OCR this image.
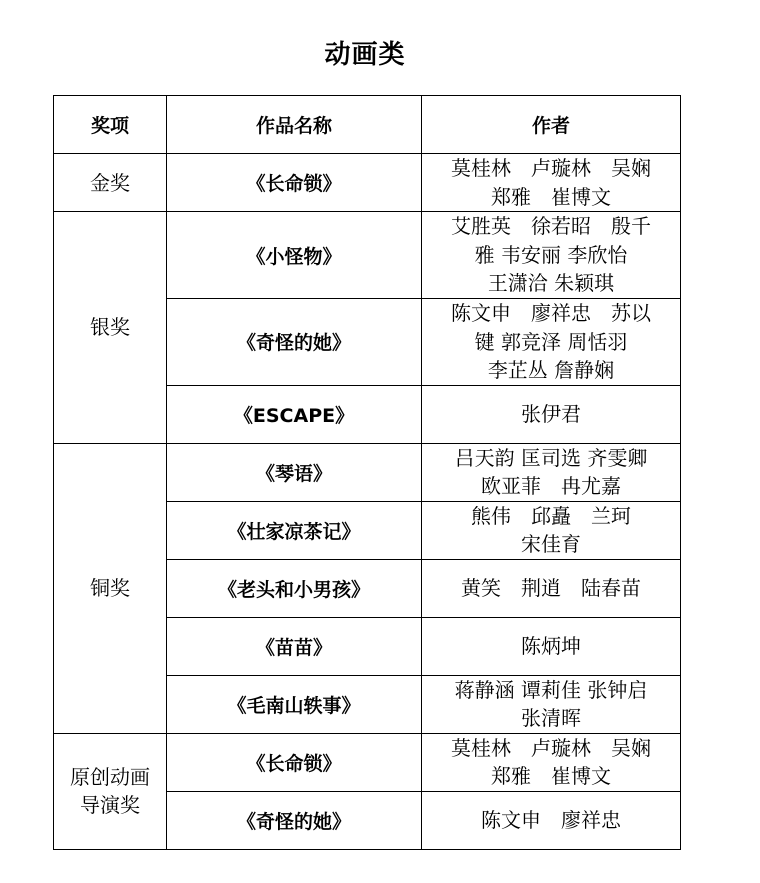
动画类
奖项	作品名称	作者
金奖	《长命锁》	莫桂林　卢璇林　吴娴
郑雅　崔博文
银奖	《小怪物》	艾胜英　徐若昭　殷千
雅 韦安丽 李欣怡
王潇洽 朱颖琪
	《奇怪的她》	陈文申　廖祥忠　苏以
键 郭竞泽 周恬羽
李芷丛 詹静娴
	《ESCAPE》	张伊君
铜奖	《琴语》	吕天韵 匡司选 齐雯卿
欧亚菲　冉尤嘉
	《壮家凉茶记》	熊伟　邱矗　兰珂
宋佳育
	《老头和小男孩》	黄笑　荆逍　陆春苗
	《苗苗》	陈炳坤
	《毛南山轶事》	蒋静涵 谭莉佳 张钟启
张清晖
原创动画
导演奖	《长命锁》	莫桂林　卢璇林　吴娴
郑雅　崔博文
	《奇怪的她》	陈文申　廖祥忠
